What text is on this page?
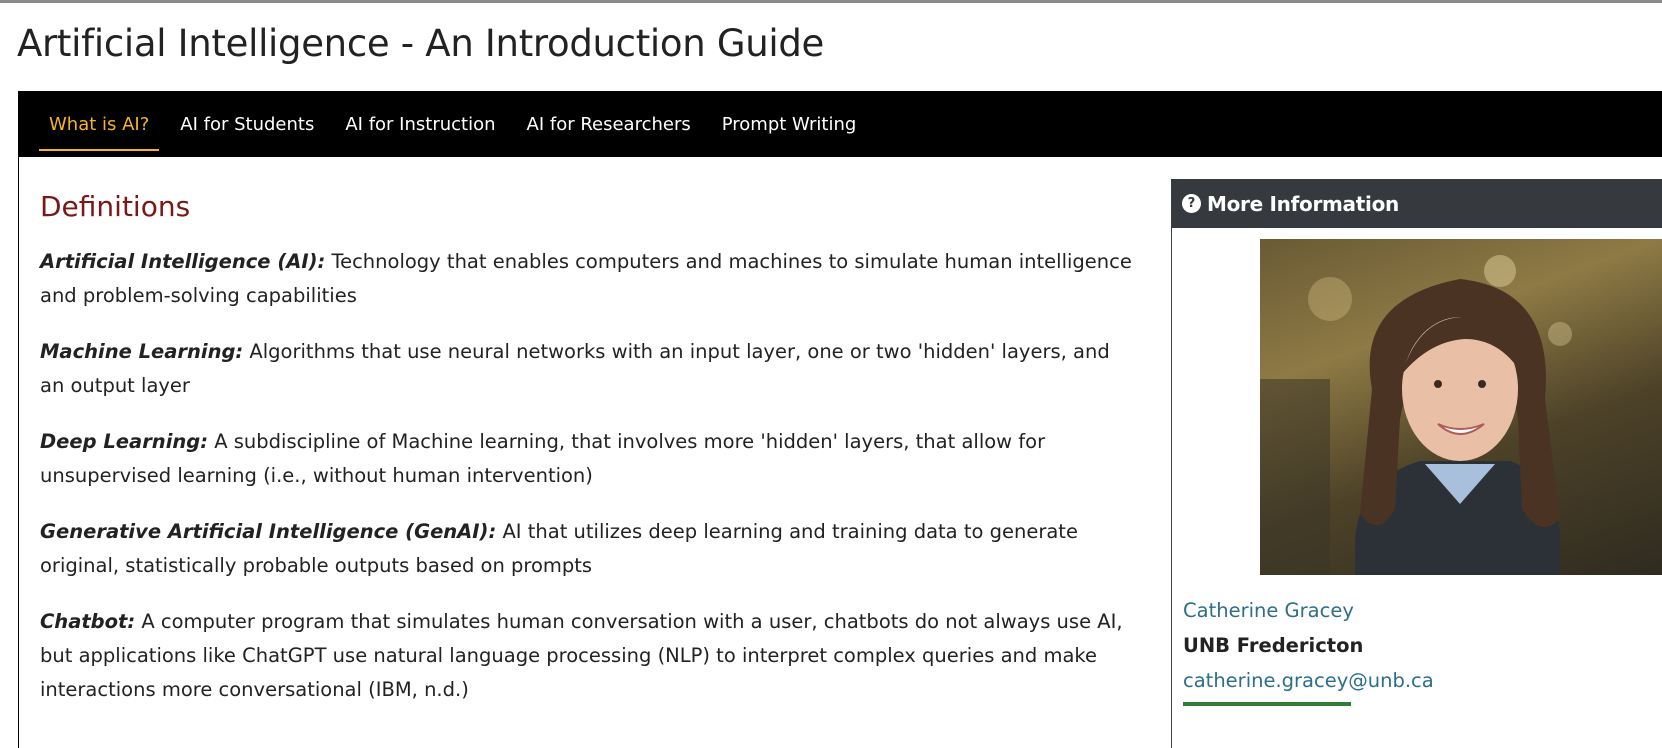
Artificial Intelligence - An Introduction Guide
What is AI?	AI for Students	AI for Instruction	AI for Researchers	Prompt Writing
Definitions

Artificial Intelligence (AI): Technology that enables computers and machines to simulate human intelligence and problem-solving capabilities

Machine Learning: Algorithms that use neural networks with an input layer, one or two 'hidden' layers, and an output layer

Deep Learning: A subdiscipline of Machine learning, that involves more 'hidden' layers, that allow for unsupervised learning (i.e., without human intervention)

Generative Artificial Intelligence (GenAI): AI that utilizes deep learning and training data to generate original, statistically probable outputs based on prompts

Chatbot: A computer program that simulates human conversation with a user, chatbots do not always use AI, but applications like ChatGPT use natural language processing (NLP) to interpret complex queries and make interactions more conversational (IBM, n.d.)

? More Information
Catherine Gracey
UNB Fredericton
catherine.gracey@unb.ca
